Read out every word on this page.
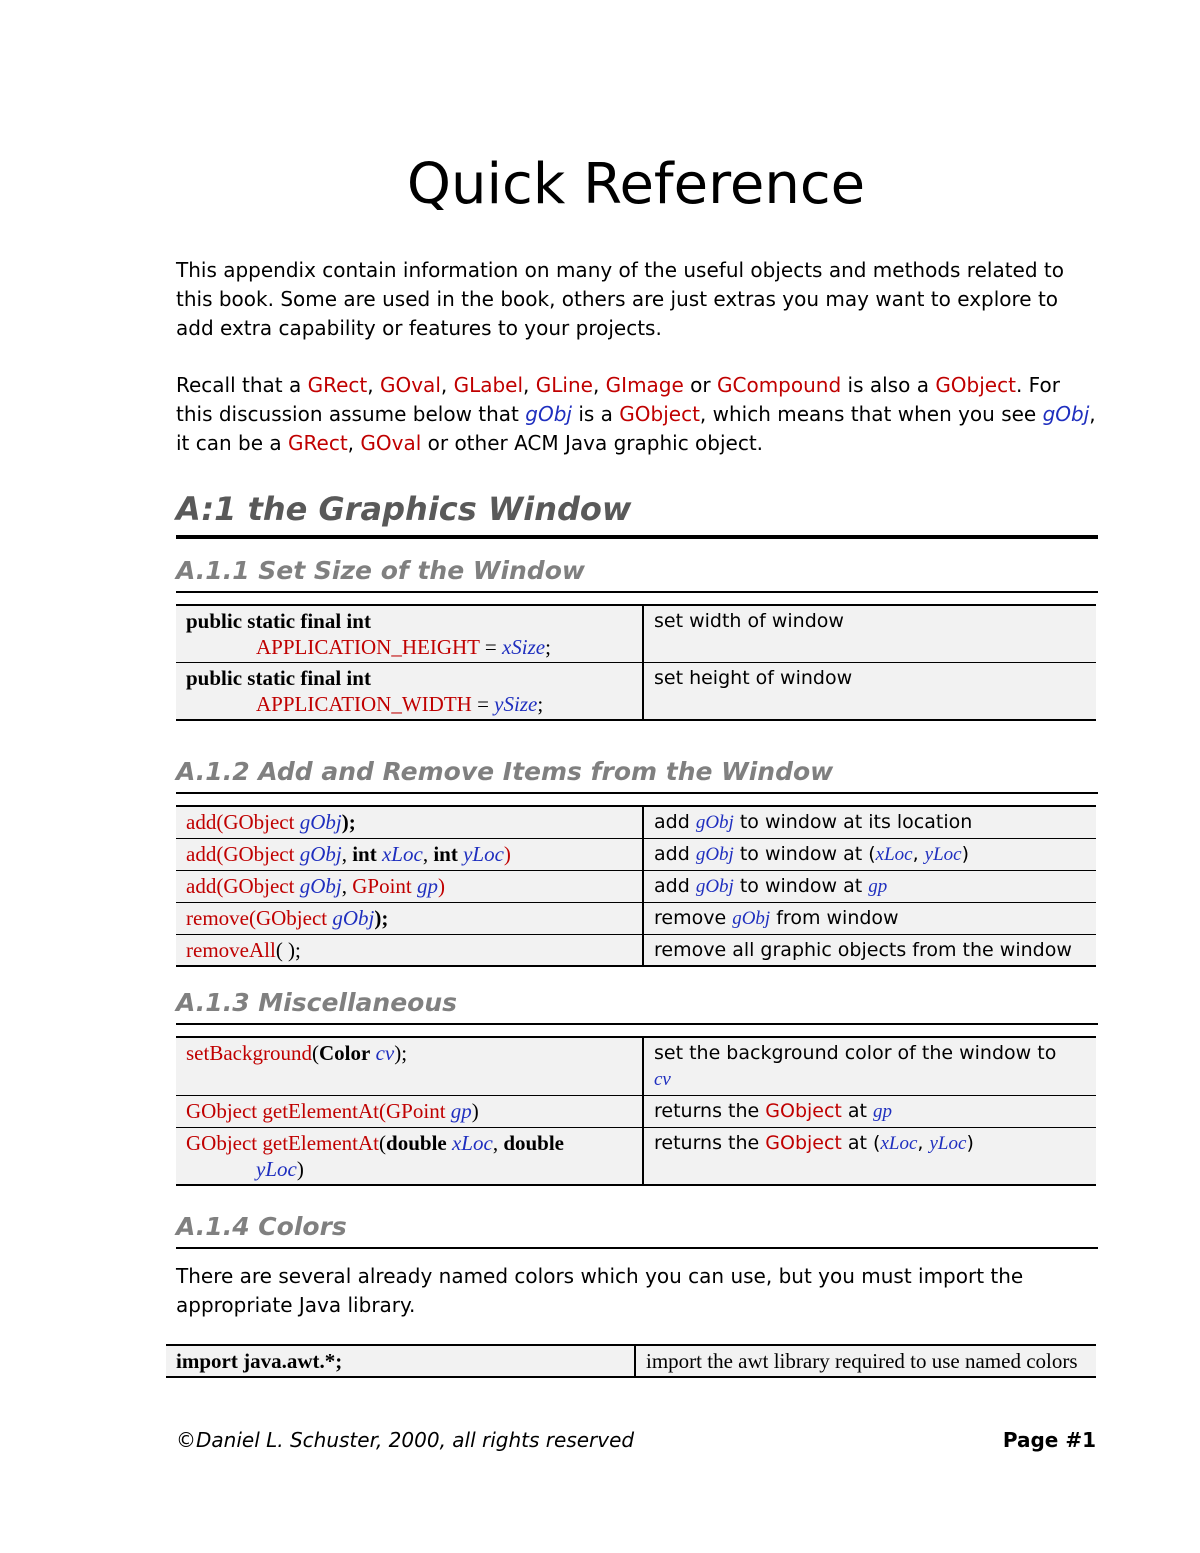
Quick Reference
This appendix contain information on many of the useful objects and methods related to this book. Some are used in the book, others are just extras you may want to explore to add extra capability or features to your projects.
Recall that a GRect, GOval, GLabel, GLine, GImage or GCompound is also a GObject. For this discussion assume below that gObj is a GObject, which means that when you see gObj, it can be a GRect, GOval or other ACM Java graphic object.
A:1 the Graphics Window
A.1.1 Set Size of the Window
public static final int
APPLICATION_HEIGHT = xSize;	set width of window
public static final int
APPLICATION_WIDTH = ySize;	set height of window
A.1.2 Add and Remove Items from the Window
add(GObject gObj);	add gObj to window at its location
add(GObject gObj, int xLoc, int yLoc)	add gObj to window at (xLoc, yLoc)
add(GObject gObj, GPoint gp)	add gObj to window at gp
remove(GObject gObj);	remove gObj from window
removeAll( );	remove all graphic objects from the window
A.1.3 Miscellaneous
setBackground(Color cv);	set the background color of the window to
cv
GObject getElementAt(GPoint gp)	returns the GObject at gp
GObject getElementAt(double xLoc, double
yLoc)	returns the GObject at (xLoc, yLoc)
A.1.4 Colors
There are several already named colors which you can use, but you must import the appropriate Java library.
import java.awt.*;	import the awt library required to use named colors
©Daniel L. Schuster, 2000, all rights reserved	Page #1
